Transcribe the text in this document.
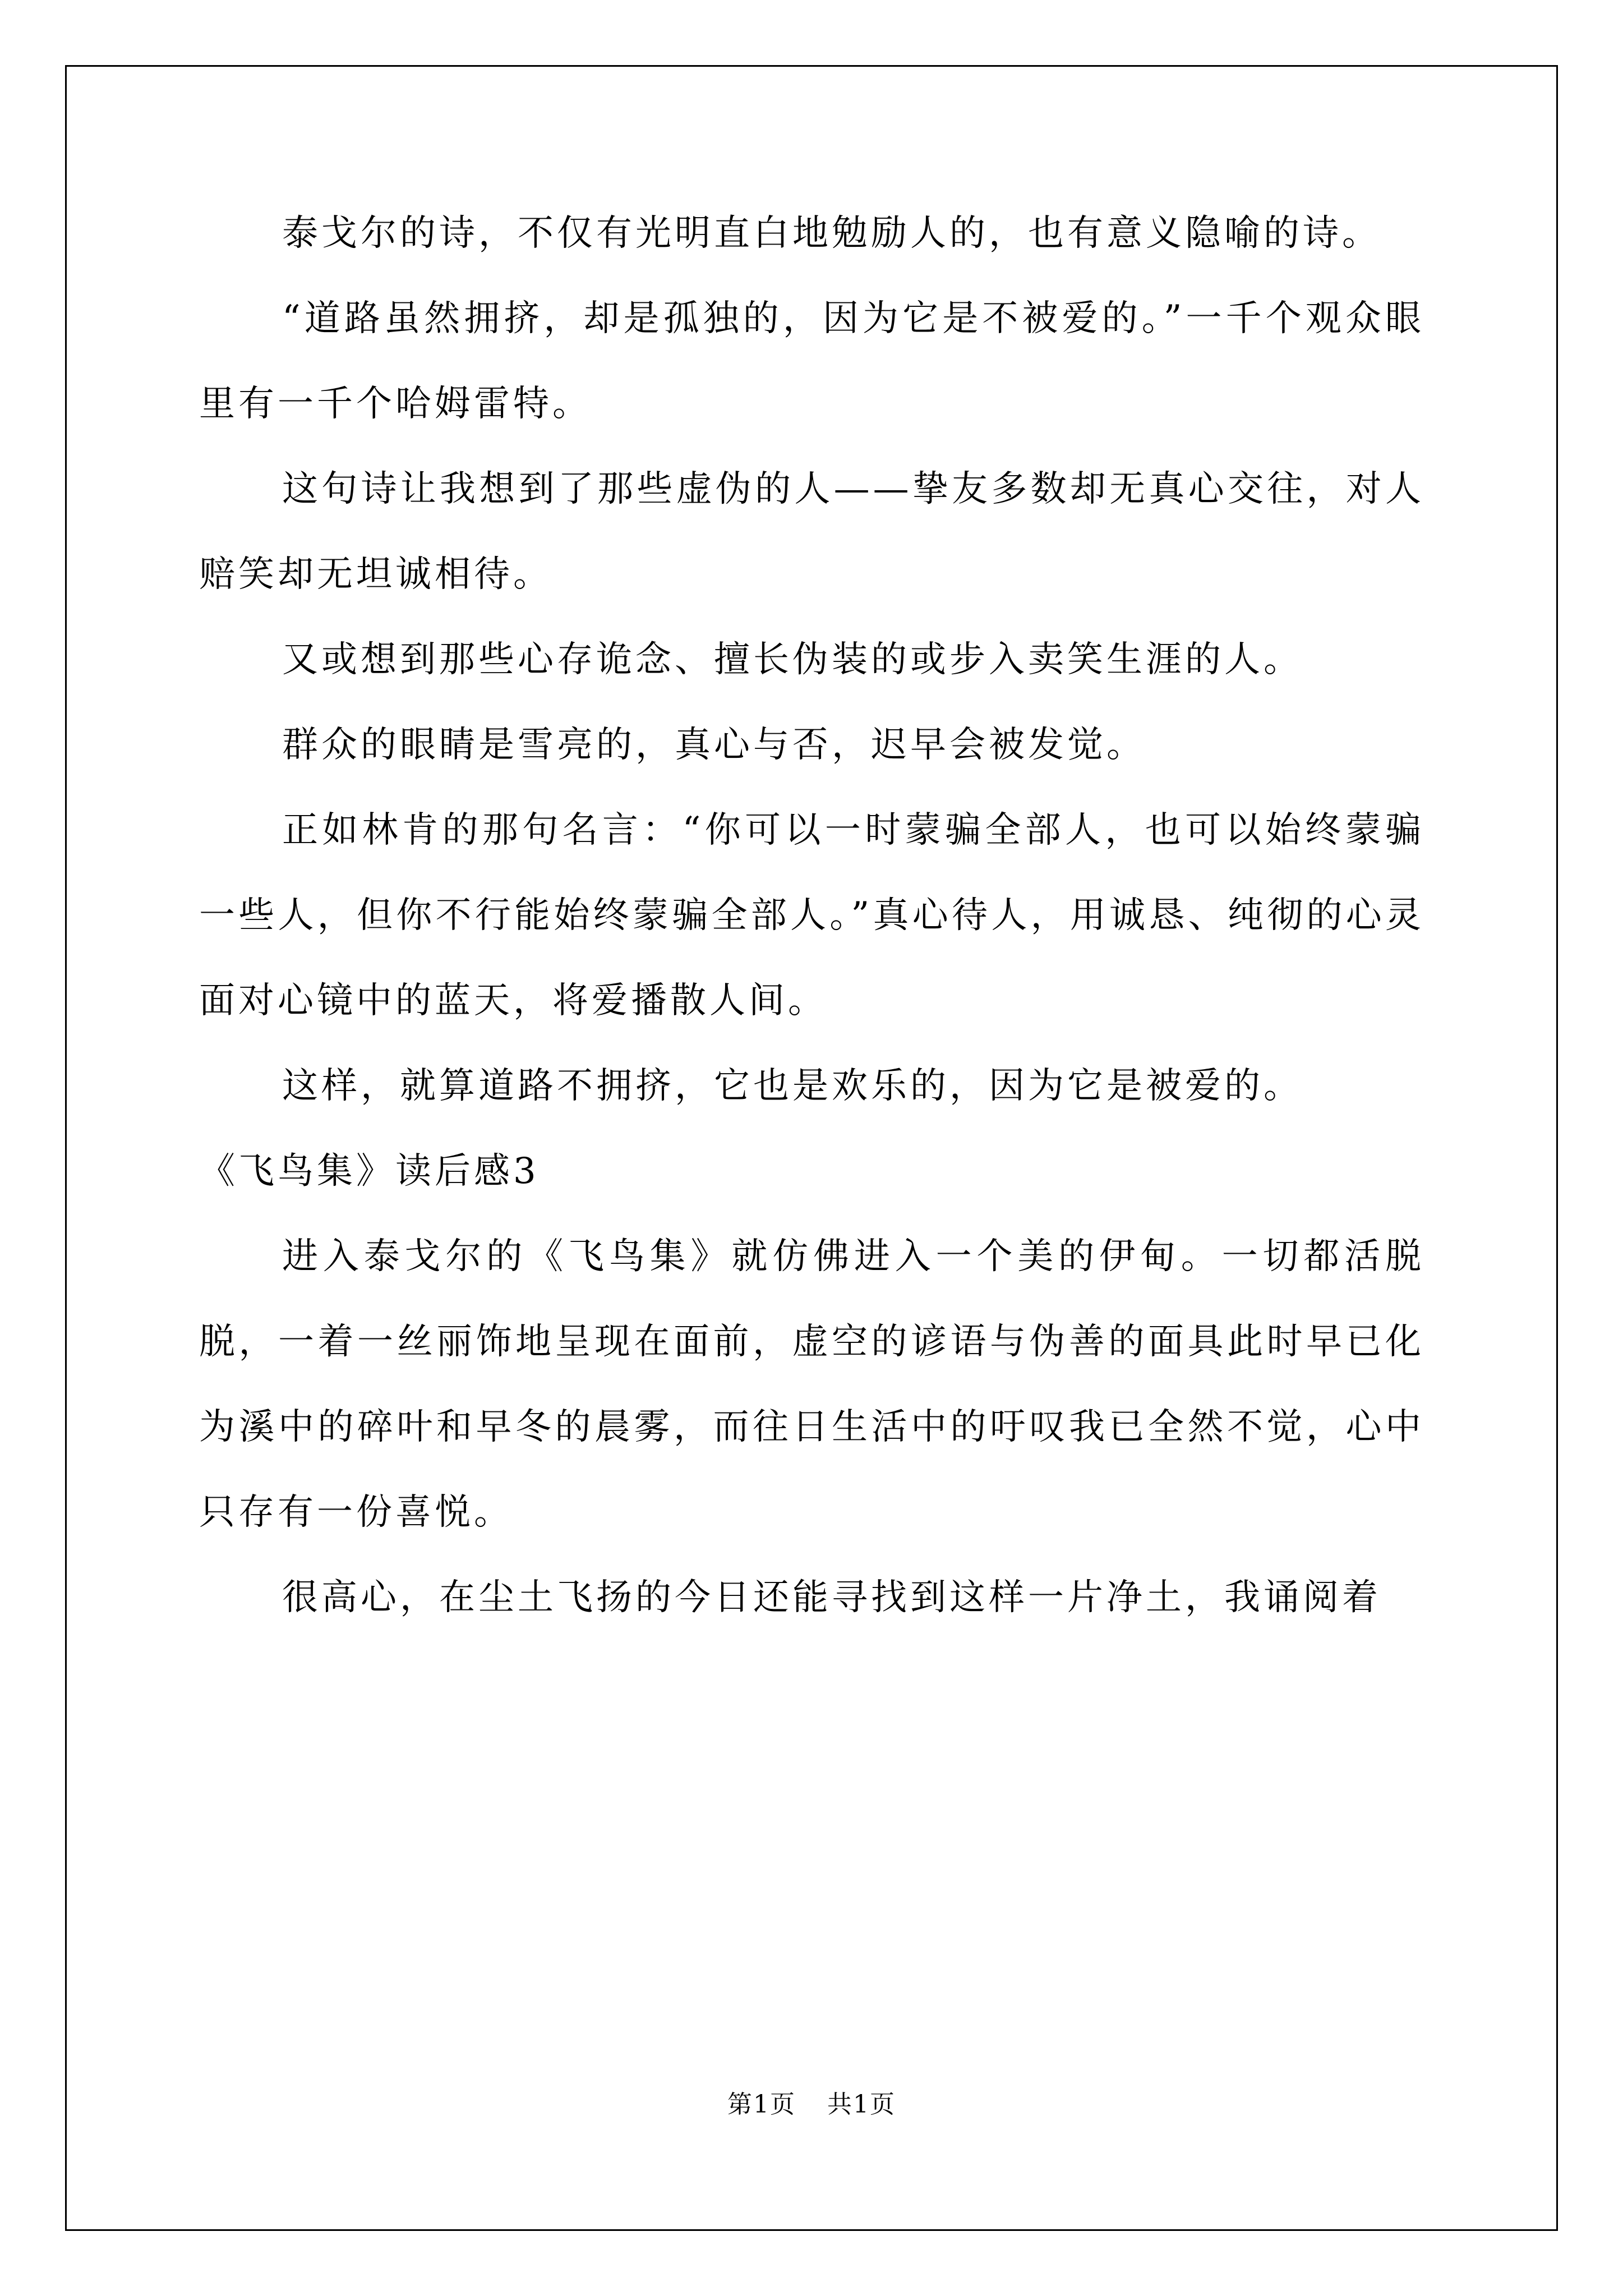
泰戈尔的诗，不仅有光明直白地勉励人的，也有意义隐喻的诗。

“道路虽然拥挤，却是孤独的，因为它是不被爱的。”一千个观众眼里有一千个哈姆雷特。

这句诗让我想到了那些虚伪的人——挚友多数却无真心交往，对人赔笑却无坦诚相待。

又或想到那些心存诡念、擅长伪装的或步入卖笑生涯的人。

群众的眼睛是雪亮的，真心与否，迟早会被发觉。

正如林肯的那句名言：“你可以一时蒙骗全部人，也可以始终蒙骗一些人，但你不行能始终蒙骗全部人。”真心待人，用诚恳、纯彻的心灵面对心镜中的蓝天，将爱播散人间。

这样，就算道路不拥挤，它也是欢乐的，因为它是被爱的。

《飞鸟集》读后感3

进入泰戈尔的《飞鸟集》就仿佛进入一个美的伊甸。一切都活脱脱，一着一丝丽饰地呈现在面前，虚空的谚语与伪善的面具此时早已化为溪中的碎叶和早冬的晨雾，而往日生活中的吁叹我已全然不觉，心中只存有一份喜悦。

很高心，在尘土飞扬的今日还能寻找到这样一片净土，我诵阅着

第1页 共1页
